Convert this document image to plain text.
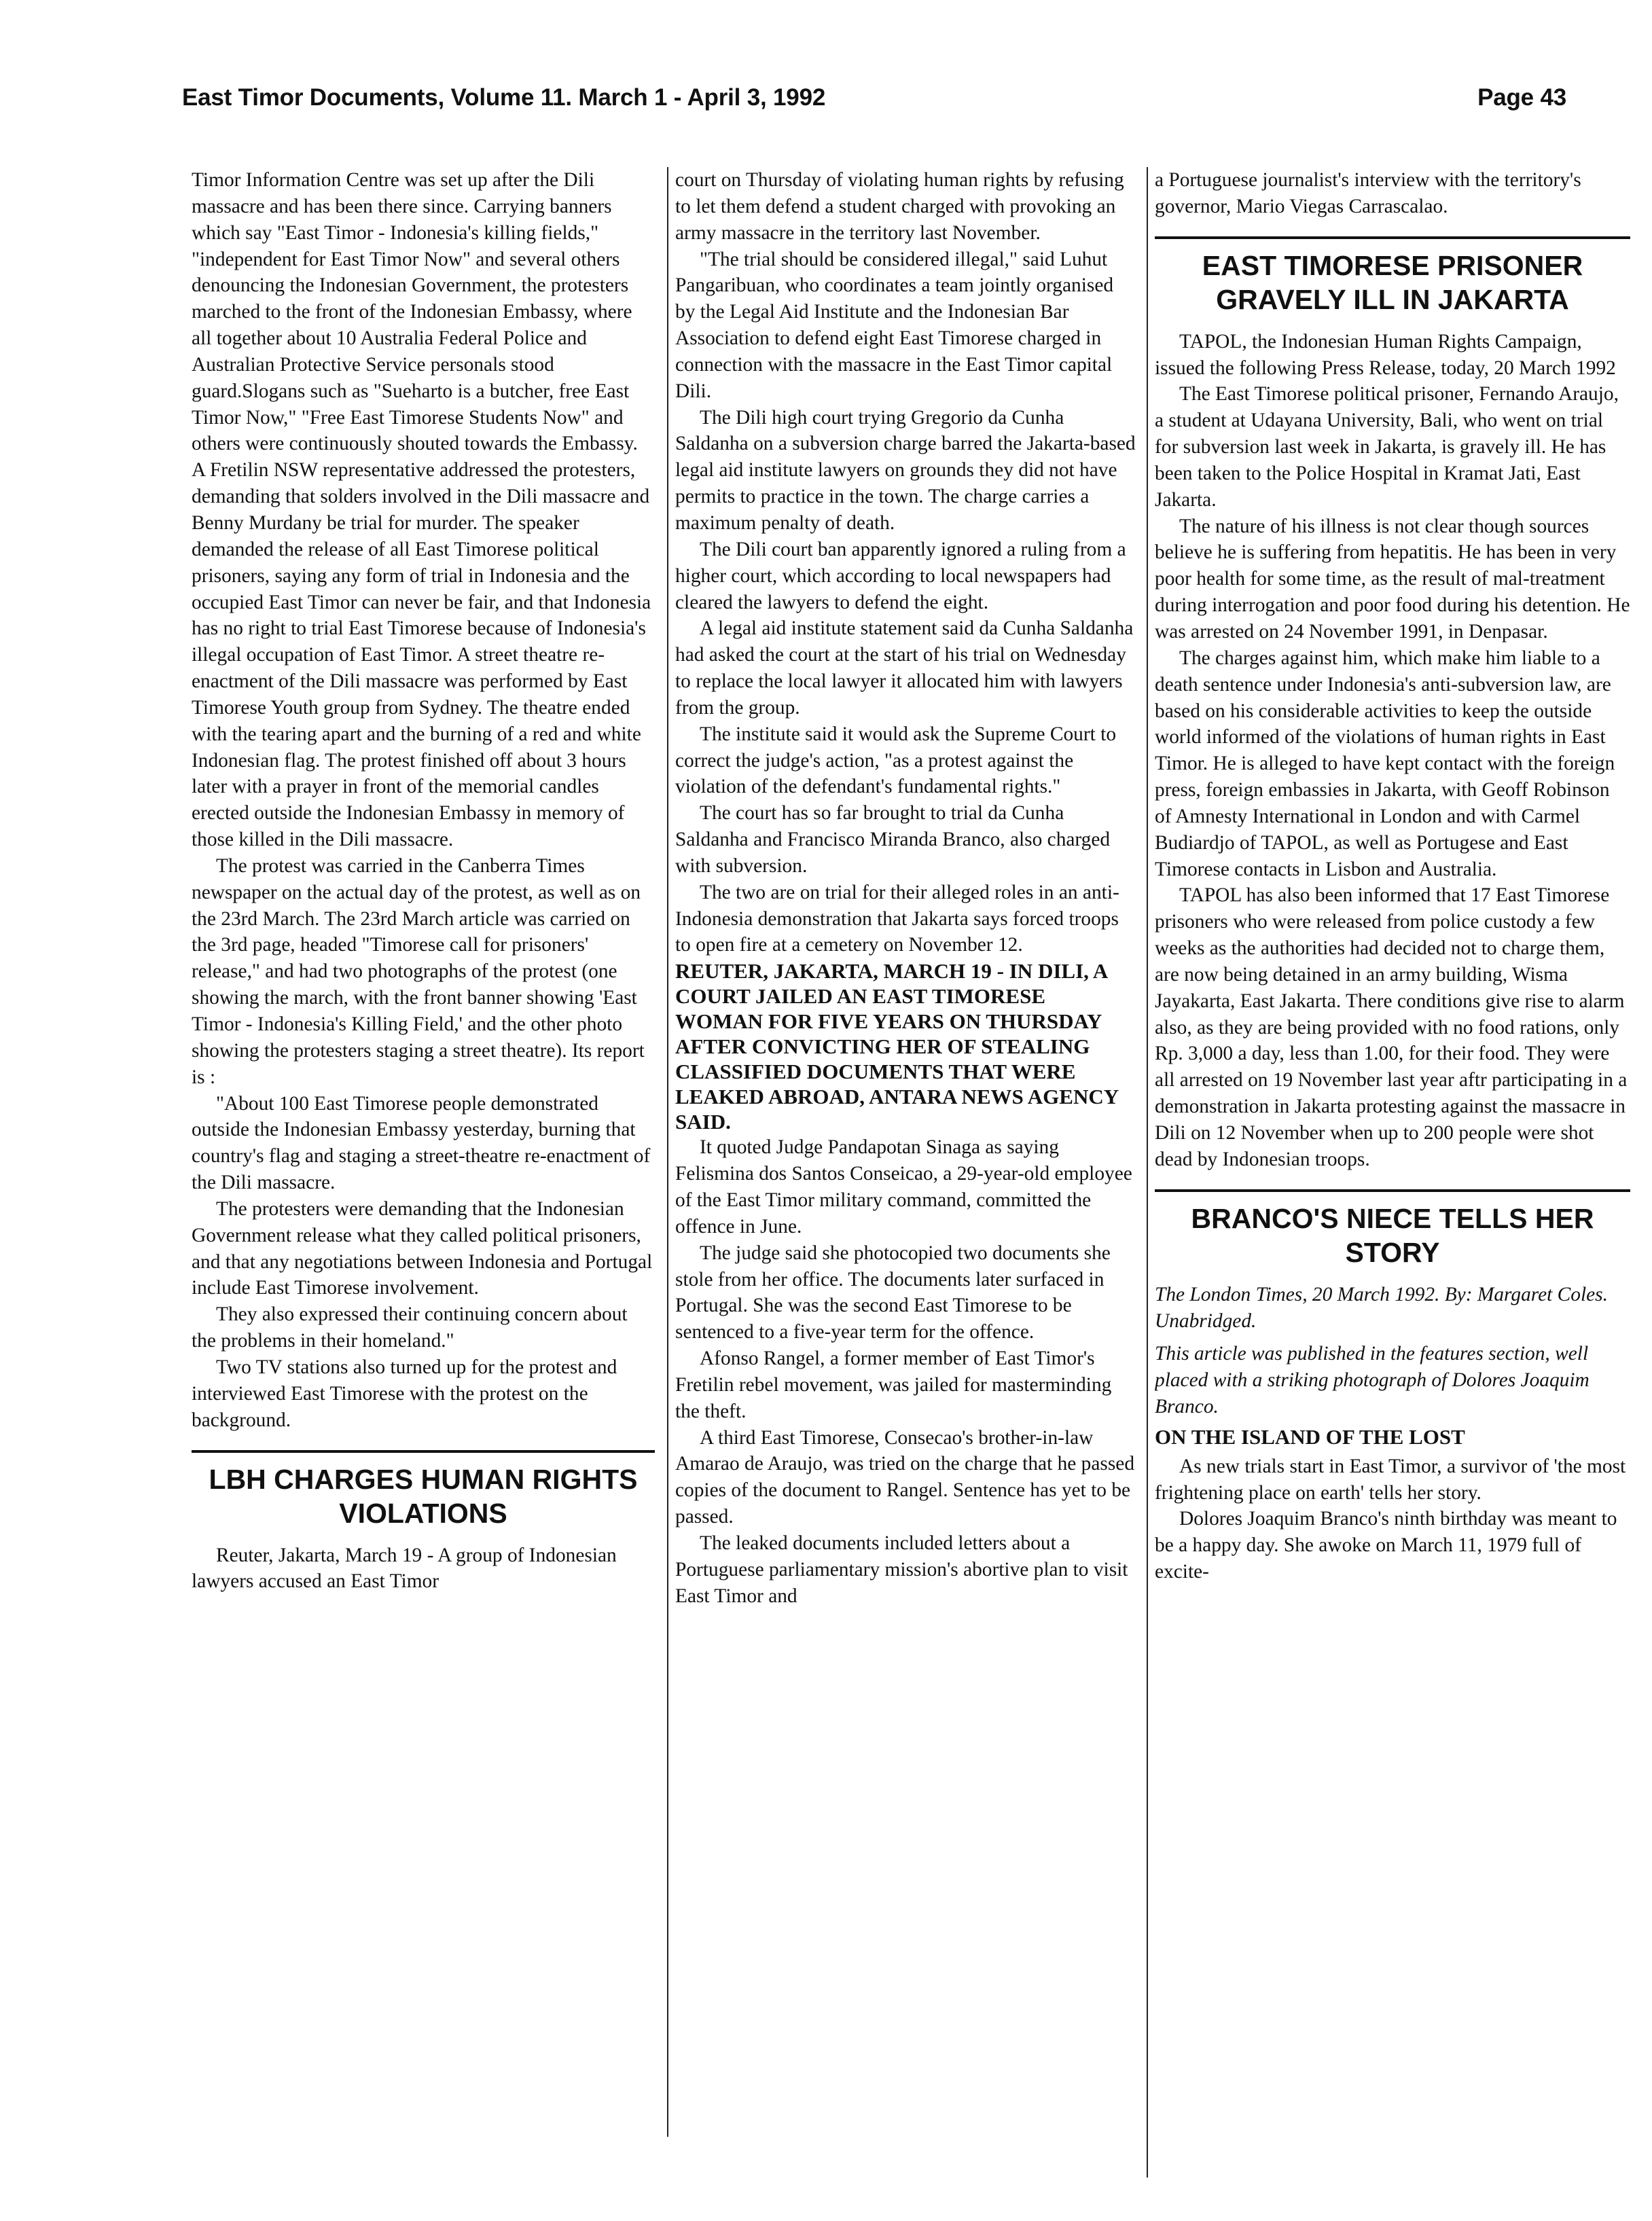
East Timor Documents, Volume 11. March 1 - April 3, 1992	Page 43

Timor Information Centre was set up after the Dili massacre and has been there since. Carrying banners which say "East Timor - Indonesia's killing fields," "independent for East Timor Now" and several others denouncing the Indonesian Government, the protesters marched to the front of the Indonesian Embassy, where all together about 10 Australia Federal Police and Australian Protective Service personals stood guard.Slogans such as "Sueharto is a butcher, free East Timor Now," "Free East Timorese Students Now" and others were continuously shouted towards the Embassy. A Fretilin NSW representative addressed the protesters, demanding that solders involved in the Dili massacre and Benny Murdany be trial for murder. The speaker demanded the release of all East Timorese political prisoners, saying any form of trial in Indonesia and the occupied East Timor can never be fair, and that Indonesia has no right to trial East Timorese because of Indonesia's illegal occupation of East Timor. A street theatre re-enactment of the Dili massacre was performed by East Timorese Youth group from Sydney. The theatre ended with the tearing apart and the burning of a red and white Indonesian flag. The protest finished off about 3 hours later with a prayer in front of the memorial candles erected outside the Indonesian Embassy in memory of those killed in the Dili massacre.

The protest was carried in the Canberra Times newspaper on the actual day of the protest, as well as on the 23rd March. The 23rd March article was carried on the 3rd page, headed "Timorese call for prisoners' release," and had two photographs of the protest (one showing the march, with the front banner showing 'East Timor - Indonesia's Killing Field,' and the other photo showing the protesters staging a street theatre). Its report is :

"About 100 East Timorese people demonstrated outside the Indonesian Embassy yesterday, burning that country's flag and staging a street-theatre re-enactment of the Dili massacre.

The protesters were demanding that the Indonesian Government release what they called political prisoners, and that any negotiations between Indonesia and Portugal include East Timorese involvement.

They also expressed their continuing concern about the problems in their homeland."

Two TV stations also turned up for the protest and interviewed East Timorese with the protest on the background.

LBH CHARGES HUMAN RIGHTS VIOLATIONS

Reuter, Jakarta, March 19 - A group of Indonesian lawyers accused an East Timor

court on Thursday of violating human rights by refusing to let them defend a student charged with provoking an army massacre in the territory last November.

"The trial should be considered illegal," said Luhut Pangaribuan, who coordinates a team jointly organised by the Legal Aid Institute and the Indonesian Bar Association to defend eight East Timorese charged in connection with the massacre in the East Timor capital Dili.

The Dili high court trying Gregorio da Cunha Saldanha on a subversion charge barred the Jakarta-based legal aid institute lawyers on grounds they did not have permits to practice in the town. The charge carries a maximum penalty of death.

The Dili court ban apparently ignored a ruling from a higher court, which according to local newspapers had cleared the lawyers to defend the eight.

A legal aid institute statement said da Cunha Saldanha had asked the court at the start of his trial on Wednesday to replace the local lawyer it allocated him with lawyers from the group.

The institute said it would ask the Supreme Court to correct the judge's action, "as a protest against the violation of the defendant's fundamental rights."

The court has so far brought to trial da Cunha Saldanha and Francisco Miranda Branco, also charged with subversion.

The two are on trial for their alleged roles in an anti-Indonesia demonstration that Jakarta says forced troops to open fire at a cemetery on November 12.

REUTER, JAKARTA, MARCH 19 - IN DILI, A COURT JAILED AN EAST TIMORESE WOMAN FOR FIVE YEARS ON THURSDAY AFTER CONVICTING HER OF STEALING CLASSIFIED DOCUMENTS THAT WERE LEAKED ABROAD, ANTARA NEWS AGENCY SAID.

It quoted Judge Pandapotan Sinaga as saying Felismina dos Santos Conseicao, a 29-year-old employee of the East Timor military command, committed the offence in June.

The judge said she photocopied two documents she stole from her office. The documents later surfaced in Portugal. She was the second East Timorese to be sentenced to a five-year term for the offence.

Afonso Rangel, a former member of East Timor's Fretilin rebel movement, was jailed for masterminding the theft.

A third East Timorese, Consecao's brother-in-law Amarao de Araujo, was tried on the charge that he passed copies of the document to Rangel. Sentence has yet to be passed.

The leaked documents included letters about a Portuguese parliamentary mission's abortive plan to visit East Timor and

a Portuguese journalist's interview with the territory's governor, Mario Viegas Carrascalao.

EAST TIMORESE PRISONER GRAVELY ILL IN JAKARTA

TAPOL, the Indonesian Human Rights Campaign, issued the following Press Release, today, 20 March 1992

The East Timorese political prisoner, Fernando Araujo, a student at Udayana University, Bali, who went on trial for subversion last week in Jakarta, is gravely ill. He has been taken to the Police Hospital in Kramat Jati, East Jakarta.

The nature of his illness is not clear though sources believe he is suffering from hepatitis. He has been in very poor health for some time, as the result of mal-treatment during interrogation and poor food during his detention. He was arrested on 24 November 1991, in Denpasar.

The charges against him, which make him liable to a death sentence under Indonesia's anti-subversion law, are based on his considerable activities to keep the outside world informed of the violations of human rights in East Timor. He is alleged to have kept contact with the foreign press, foreign embassies in Jakarta, with Geoff Robinson of Amnesty International in London and with Carmel Budiardjo of TAPOL, as well as Portugese and East Timorese contacts in Lisbon and Australia.

TAPOL has also been informed that 17 East Timorese prisoners who were released from police custody a few weeks as the authorities had decided not to charge them, are now being detained in an army building, Wisma Jayakarta, East Jakarta. There conditions give rise to alarm also, as they are being provided with no food rations, only Rp. 3,000 a day, less than 1.00, for their food. They were all arrested on 19 November last year aftr participating in a demonstration in Jakarta protesting against the massacre in Dili on 12 November when up to 200 people were shot dead by Indonesian troops.

BRANCO'S NIECE TELLS HER STORY

The London Times, 20 March 1992. By: Margaret Coles. Unabridged.

This article was published in the features section, well placed with a striking photograph of Dolores Joaquim Branco.

ON THE ISLAND OF THE LOST

As new trials start in East Timor, a survivor of 'the most frightening place on earth' tells her story.

Dolores Joaquim Branco's ninth birthday was meant to be a happy day. She awoke on March 11, 1979 full of excite-
